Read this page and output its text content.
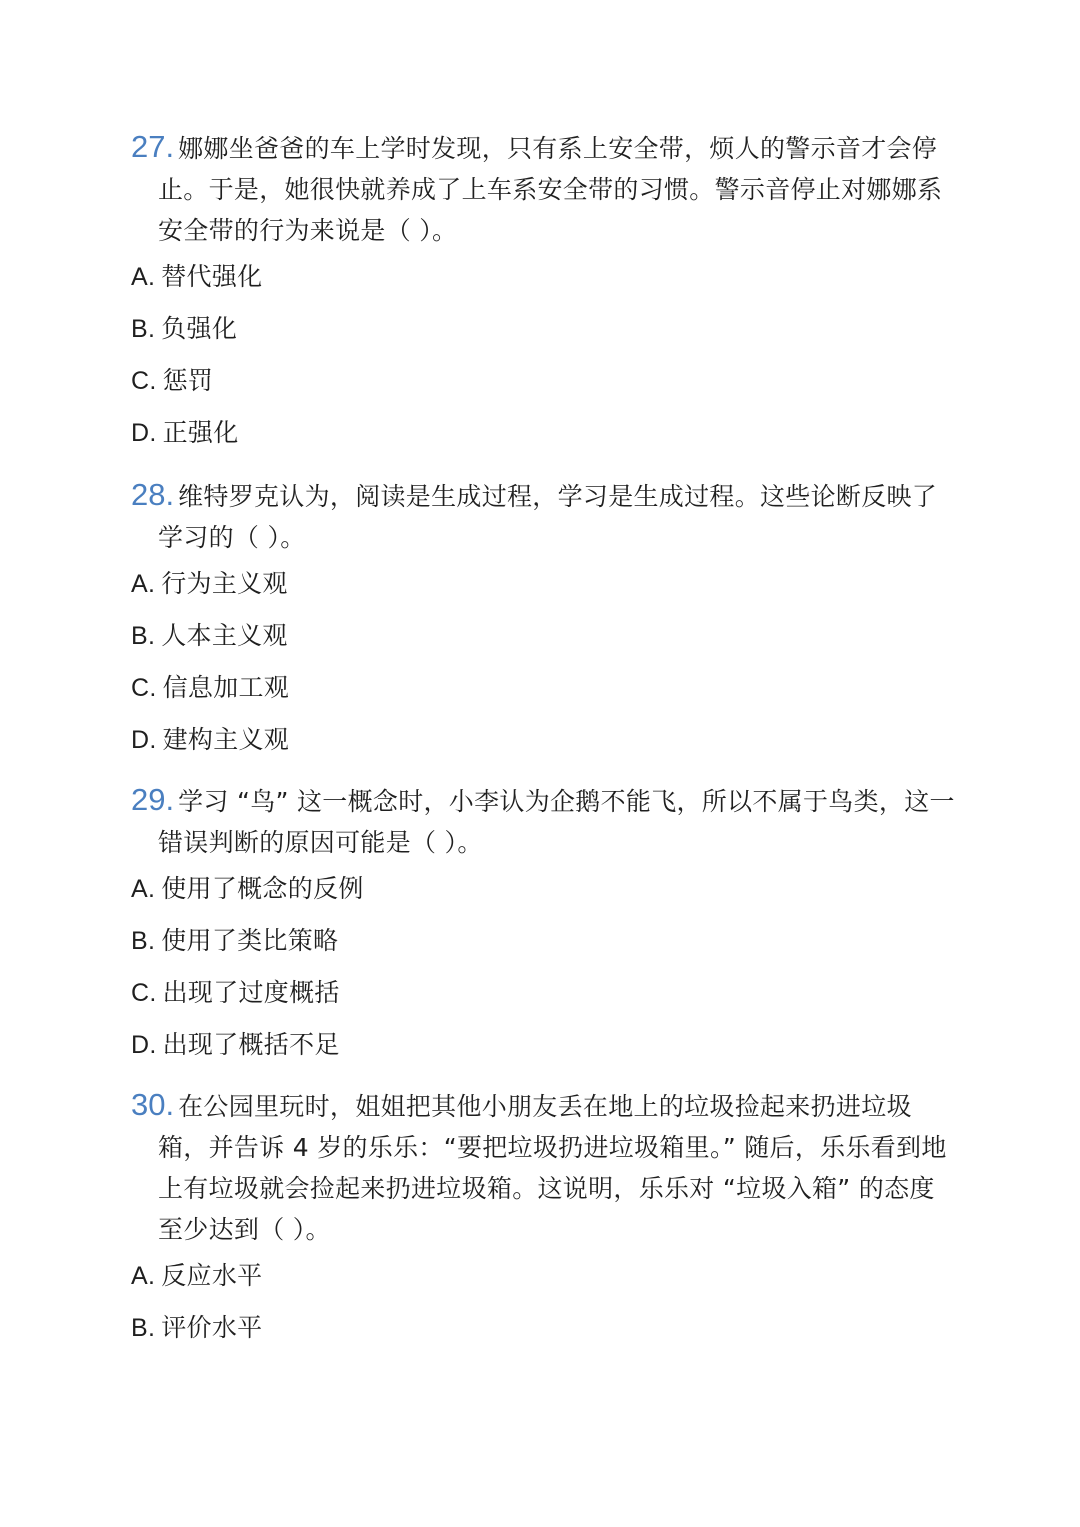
27. 娜娜坐爸爸的车上学时发现，只有系上安全带，烦人的警示音才会停
止。于是，她很快就养成了上车系安全带的习惯。警示音停止对娜娜系
安全带的行为来说是（ ）。
A. 替代强化
B. 负强化
C. 惩罚
D. 正强化
28. 维特罗克认为，阅读是生成过程，学习是生成过程。这些论断反映了
学习的（ ）。
A. 行为主义观
B. 人本主义观
C. 信息加工观
D. 建构主义观
29. 学习 “鸟” 这一概念时，小李认为企鹅不能飞，所以不属于鸟类，这一
错误判断的原因可能是（ ）。
A. 使用了概念的反例
B. 使用了类比策略
C. 出现了过度概括
D. 出现了概括不足
30. 在公园里玩时，姐姐把其他小朋友丢在地上的垃圾捡起来扔进垃圾
箱，并告诉 4 岁的乐乐：“要把垃圾扔进垃圾箱里。” 随后，乐乐看到地
上有垃圾就会捡起来扔进垃圾箱。这说明，乐乐对 “垃圾入箱” 的态度
至少达到（ ）。
A. 反应水平
B. 评价水平
